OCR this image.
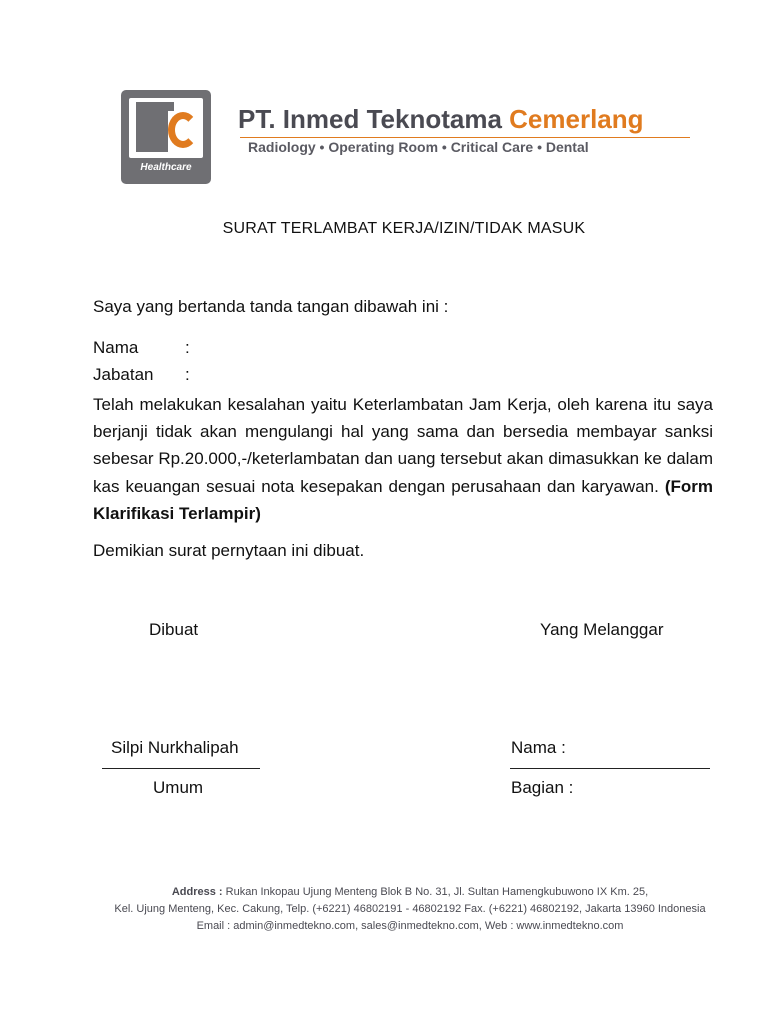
Healthcare
PT. Inmed Teknotama Cemerlang
Radiology • Operating Room • Critical Care • Dental
SURAT TERLAMBAT KERJA/IZIN/TIDAK MASUK
Saya yang bertanda tanda tangan dibawah ini :
Nama	:
Jabatan :
Telah melakukan kesalahan yaitu Keterlambatan Jam Kerja, oleh karena itu saya berjanji tidak akan mengulangi hal yang sama dan bersedia membayar sanksi sebesar Rp.20.000,-/keterlambatan dan uang tersebut akan dimasukkan ke dalam kas keuangan sesuai nota kesepakan dengan perusahaan dan karyawan. (Form Klarifikasi Terlampir)
Demikian surat pernytaan ini dibuat.
Dibuat	Yang Melanggar
Silpi Nurkhalipah
Umum
Nama :
Bagian :
Address : Rukan Inkopau Ujung Menteng Blok B No. 31, Jl. Sultan Hamengkubuwono IX Km. 25,
Kel. Ujung Menteng, Kec. Cakung, Telp. (+6221) 46802191 - 46802192 Fax. (+6221) 46802192, Jakarta 13960 Indonesia
Email : admin@inmedtekno.com, sales@inmedtekno.com, Web : www.inmedtekno.com
